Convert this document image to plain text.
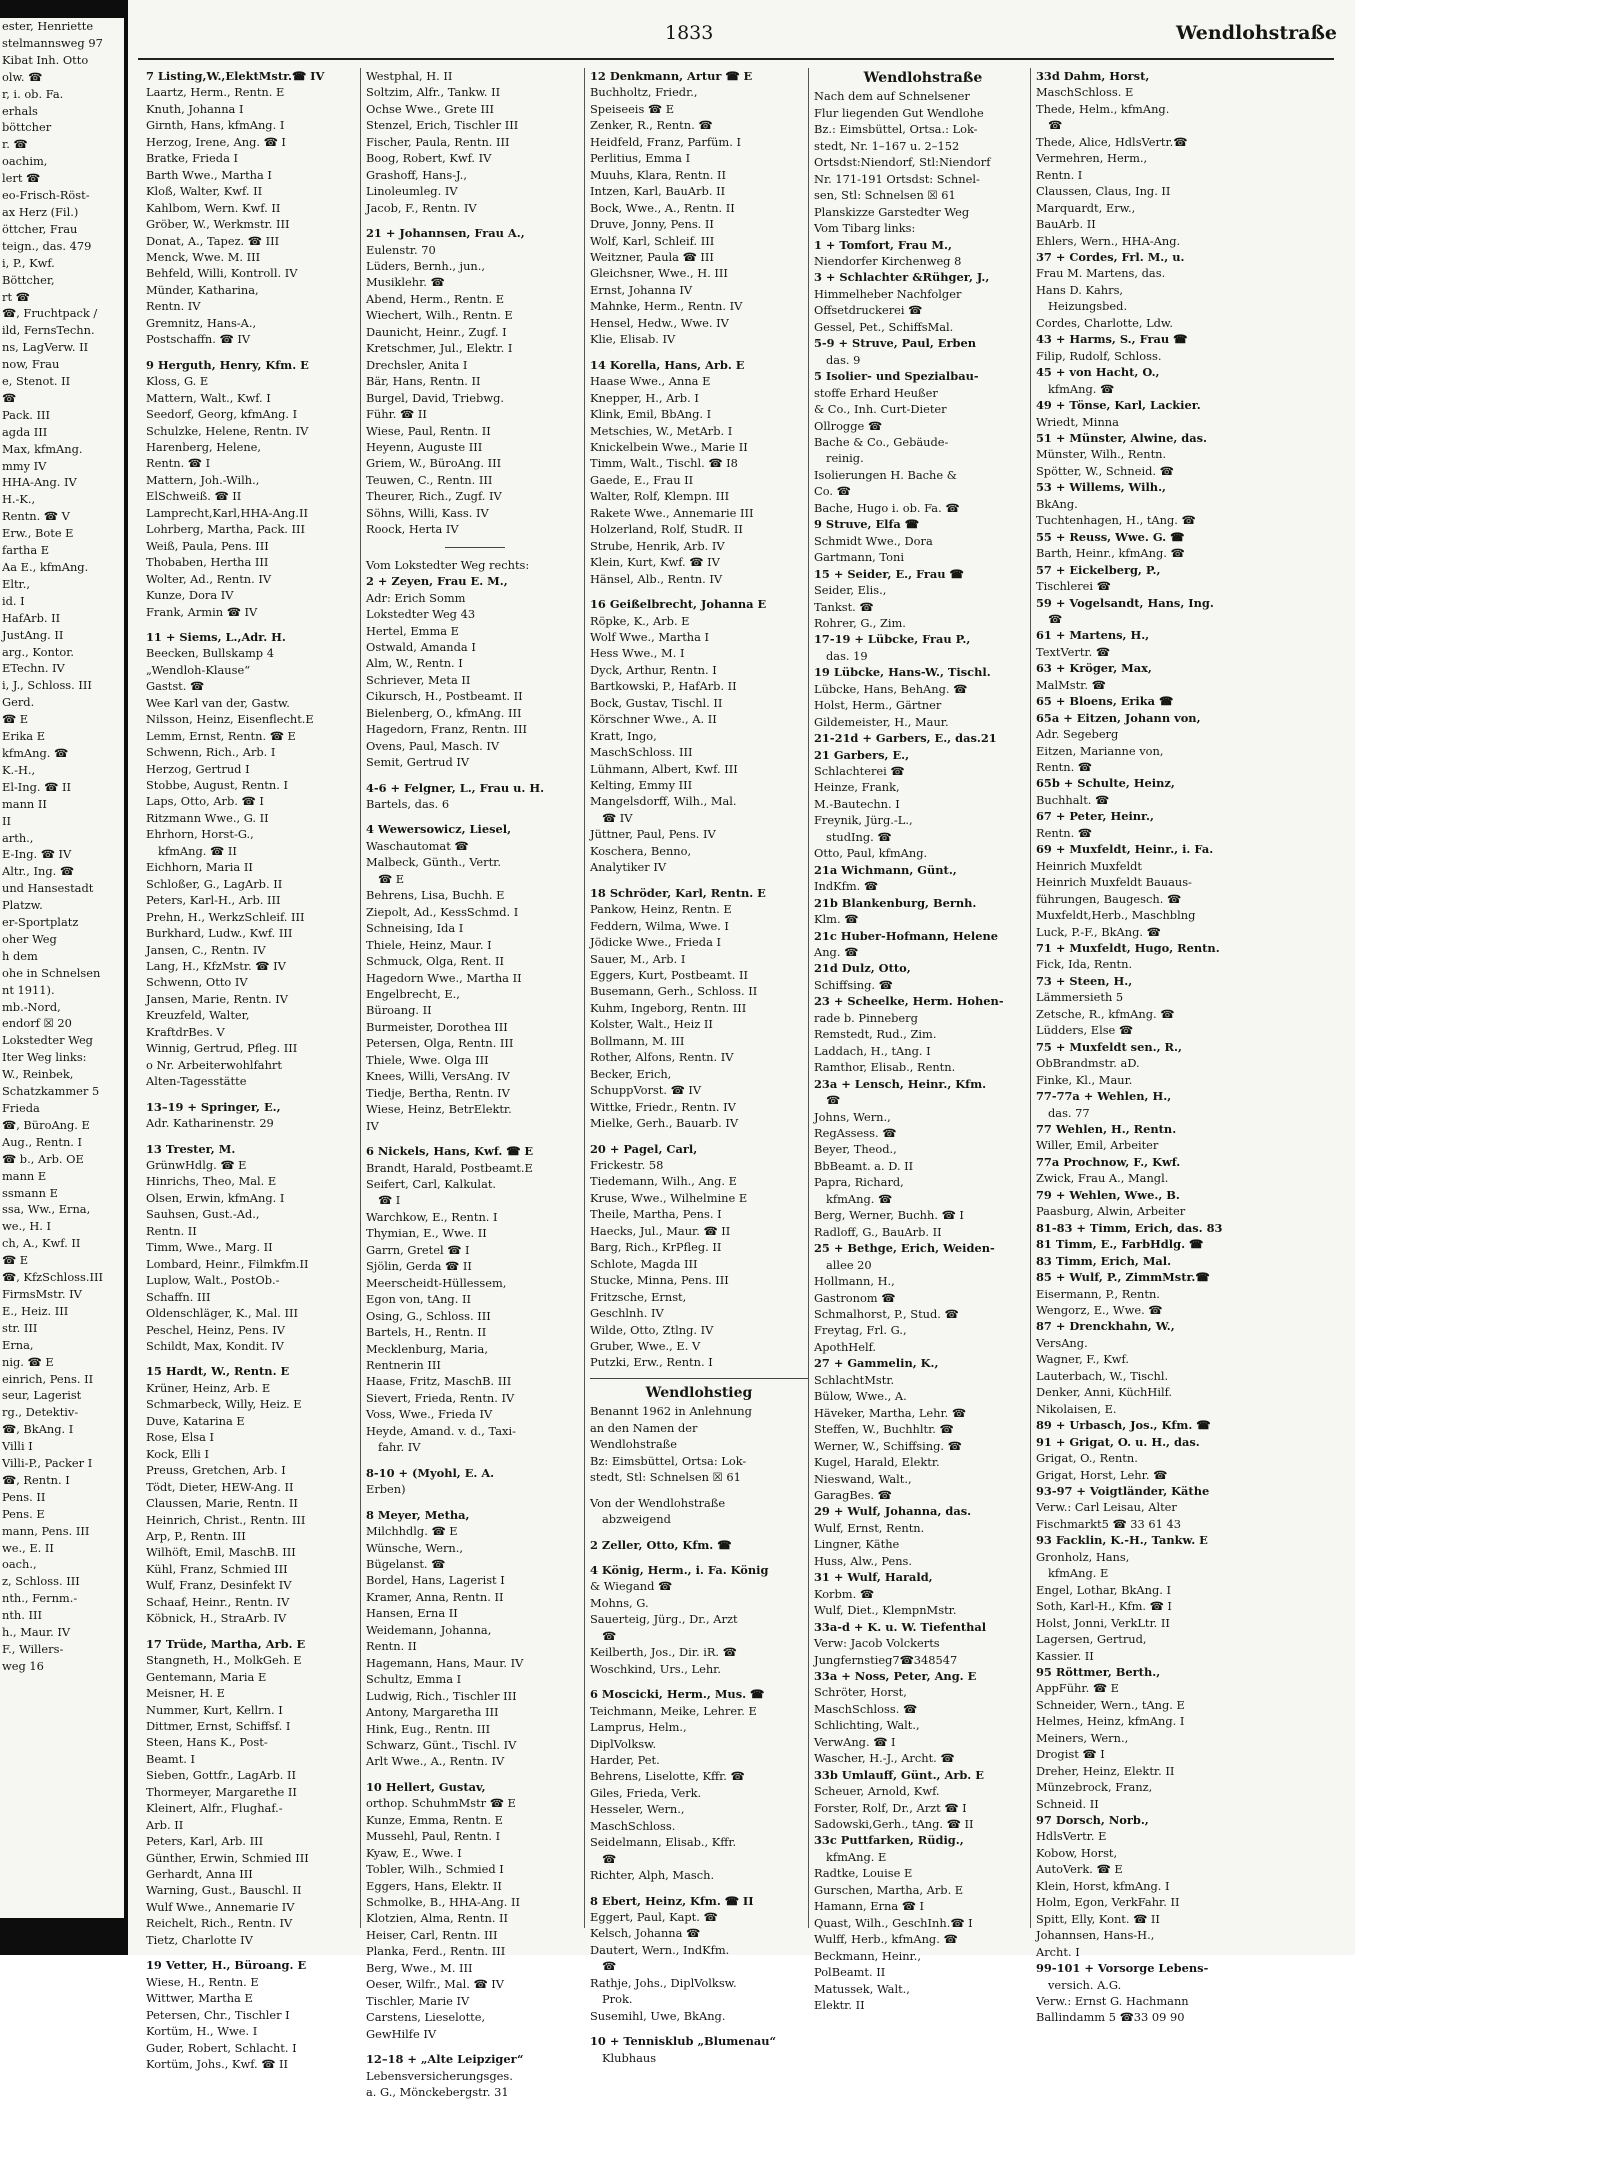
ester, Henriette
stelmannsweg 97
Kibat Inh. Otto
olw. ☎
r, i. ob. Fa.
erhals
böttcher
r. ☎
oachim,
lert ☎
eo-Frisch-Röst-
ax Herz (Fil.)
öttcher, Frau
teign., das. 479
i, P., Kwf.
Böttcher,
rt ☎
☎, Fruchtpack /
ild, FernsTechn.
ns, LagVerw. II
now, Frau
e, Stenot. II
☎
Pack. III
agda III
Max, kfmAng.
mmy IV
HHA-Ang. IV
H.-K.,
Rentn. ☎ V
Erw., Bote E
fartha E
Aa E., kfmAng.
Eltr.,
id. I
HafArb. II
JustAng. II
arg., Kontor.
ETechn. IV
i, J., Schloss. III
Gerd.
☎ E
Erika E
kfmAng. ☎
K.-H.,
El-Ing. ☎ II
mann II
II
arth.,
E-Ing. ☎ IV
Altr., Ing. ☎
und Hansestadt
Platzw.
er-Sportplatz
oher Weg
h dem
ohe in Schnelsen
nt 1911).
mb.-Nord,
endorf ☒ 20
Lokstedter Weg
Iter Weg links:
W., Reinbek,
Schatzkammer 5
Frieda
☎, BüroAng. E
Aug., Rentn. I
☎ b., Arb. OE
mann E
ssmann E
ssa, Ww., Erna,
we., H. I
ch, A., Kwf. II
☎ E
☎, KfzSchloss.III
FirmsMstr. IV
E., Heiz. III
str. III
Erna,
nig. ☎ E
einrich, Pens. II
seur, Lagerist
rg., Detektiv-
☎, BkAng. I
Villi I
Villi-P., Packer I
☎, Rentn. I
Pens. II
Pens. E
mann, Pens. III
we., E. II
oach.,
z, Schloss. III
nth., Fernm.-
nth. III
h., Maur. IV
F., Willers-
weg 16
1833	Wendlohstraße
7 Listing,W.,ElektMstr.☎ IV
Laartz, Herm., Rentn. E
Knuth, Johanna I
Girnth, Hans, kfmAng. I
Herzog, Irene, Ang. ☎ I
Bratke, Frieda I
Barth Wwe., Martha I
Kloß, Walter, Kwf. II
Kahlbom, Wern. Kwf. II
Gröber, W., Werkmstr. III
Donat, A., Tapez. ☎ III
Menck, Wwe. M. III
Behfeld, Willi, Kontroll. IV
Münder, Katharina,
Rentn. IV
Gremnitz, Hans-A.,
Postschaffn. ☎ IV
9 Herguth, Henry, Kfm. E
Kloss, G. E
Mattern, Walt., Kwf. I
Seedorf, Georg, kfmAng. I
Schulzke, Helene, Rentn. IV
Harenberg, Helene,
Rentn. ☎ I
Mattern, Joh.-Wilh.,
ElSchweiß. ☎ II
Lamprecht,Karl,HHA-Ang.II
Lohrberg, Martha, Pack. III
Weiß, Paula, Pens. III
Thobaben, Hertha III
Wolter, Ad., Rentn. IV
Kunze, Dora IV
Frank, Armin ☎ IV
11 + Siems, L.,Adr. H.
Beecken, Bullskamp 4
„Wendloh-Klause“
Gastst. ☎
Wee Karl van der, Gastw.
Nilsson, Heinz, Eisenflecht.E
Lemm, Ernst, Rentn. ☎ E
Schwenn, Rich., Arb. I
Herzog, Gertrud I
Stobbe, August, Rentn. I
Laps, Otto, Arb. ☎ I
Ritzmann Wwe., G. II
Ehrhorn, Horst-G.,
kfmAng. ☎ II
Eichhorn, Maria II
Schloßer, G., LagArb. II
Peters, Karl-H., Arb. III
Prehn, H., WerkzSchleif. III
Burkhard, Ludw., Kwf. III
Jansen, C., Rentn. IV
Lang, H., KfzMstr. ☎ IV
Schwenn, Otto IV
Jansen, Marie, Rentn. IV
Kreuzfeld, Walter,
KraftdrBes. V
Winnig, Gertrud, Pfleg. III
o Nr. Arbeiterwohlfahrt
Alten-Tagesstätte
13–19 + Springer, E.,
Adr. Katharinenstr. 29
13 Trester, M.
GrünwHdlg. ☎ E
Hinrichs, Theo, Mal. E
Olsen, Erwin, kfmAng. I
Sauhsen, Gust.-Ad.,
Rentn. II
Timm, Wwe., Marg. II
Lombard, Heinr., Filmkfm.II
Luplow, Walt., PostOb.-
Schaffn. III
Oldenschläger, K., Mal. III
Peschel, Heinz, Pens. IV
Schildt, Max, Kondit. IV
15 Hardt, W., Rentn. E
Krüner, Heinz, Arb. E
Schmarbeck, Willy, Heiz. E
Duve, Katarina E
Rose, Elsa I
Kock, Elli I
Preuss, Gretchen, Arb. I
Tödt, Dieter, HEW-Ang. II
Claussen, Marie, Rentn. II
Heinrich, Christ., Rentn. III
Arp, P., Rentn. III
Wilhöft, Emil, MaschB. III
Kühl, Franz, Schmied III
Wulf, Franz, Desinfekt IV
Schaaf, Heinr., Rentn. IV
Köbnick, H., StraArb. IV
17 Trüde, Martha, Arb. E
Stangneth, H., MolkGeh. E
Gentemann, Maria E
Meisner, H. E
Nummer, Kurt, Kellrn. I
Dittmer, Ernst, Schiffsf. I
Steen, Hans K., Post-
Beamt. I
Sieben, Gottfr., LagArb. II
Thormeyer, Margarethe II
Kleinert, Alfr., Flughaf.-
Arb. II
Peters, Karl, Arb. III
Günther, Erwin, Schmied III
Gerhardt, Anna III
Warning, Gust., Bauschl. II
Wulf Wwe., Annemarie IV
Reichelt, Rich., Rentn. IV
Tietz, Charlotte IV
19 Vetter, H., Büroang. E
Wiese, H., Rentn. E
Wittwer, Martha E
Petersen, Chr., Tischler I
Kortüm, H., Wwe. I
Guder, Robert, Schlacht. I
Kortüm, Johs., Kwf. ☎ II
Westphal, H. II
Soltzim, Alfr., Tankw. II
Ochse Wwe., Grete III
Stenzel, Erich, Tischler III
Fischer, Paula, Rentn. III
Boog, Robert, Kwf. IV
Grashoff, Hans-J.,
Linoleumleg. IV
Jacob, F., Rentn. IV
21 + Johannsen, Frau A.,
Eulenstr. 70
Lüders, Bernh., jun.,
Musiklehr. ☎
Abend, Herm., Rentn. E
Wiechert, Wilh., Rentn. E
Daunicht, Heinr., Zugf. I
Kretschmer, Jul., Elektr. I
Drechsler, Anita I
Bär, Hans, Rentn. II
Burgel, David, Triebwg.
Führ. ☎ II
Wiese, Paul, Rentn. II
Heyenn, Auguste III
Griem, W., BüroAng. III
Teuwen, C., Rentn. III
Theurer, Rich., Zugf. IV
Söhns, Willi, Kass. IV
Roock, Herta IV
Vom Lokstedter Weg rechts:
2 + Zeyen, Frau E. M.,
Adr: Erich Somm
Lokstedter Weg 43
Hertel, Emma E
Ostwald, Amanda I
Alm, W., Rentn. I
Schriever, Meta II
Cikursch, H., Postbeamt. II
Bielenberg, O., kfmAng. III
Hagedorn, Franz, Rentn. III
Ovens, Paul, Masch. IV
Semit, Gertrud IV
4-6 + Felgner, L., Frau u. H.
Bartels, das. 6
4 Wewersowicz, Liesel,
Waschautomat ☎
Malbeck, Günth., Vertr.
☎ E
Behrens, Lisa, Buchh. E
Ziepolt, Ad., KessSchmd. I
Schneising, Ida I
Thiele, Heinz, Maur. I
Schmuck, Olga, Rent. II
Hagedorn Wwe., Martha II
Engelbrecht, E.,
Büroang. II
Burmeister, Dorothea III
Petersen, Olga, Rentn. III
Thiele, Wwe. Olga III
Knees, Willi, VersAng. IV
Tiedje, Bertha, Rentn. IV
Wiese, Heinz, BetrElektr.
IV
6 Nickels, Hans, Kwf. ☎ E
Brandt, Harald, Postbeamt.E
Seifert, Carl, Kalkulat.
☎ I
Warchkow, E., Rentn. I
Thymian, E., Wwe. II
Garrn, Gretel ☎ I
Sjölin, Gerda ☎ II
Meerscheidt-Hüllessem,
Egon von, tAng. II
Osing, G., Schloss. III
Bartels, H., Rentn. II
Mecklenburg, Maria,
Rentnerin III
Haase, Fritz, MaschB. III
Sievert, Frieda, Rentn. IV
Voss, Wwe., Frieda IV
Heyde, Amand. v. d., Taxi-
fahr. IV
8-10 + (Myohl, E. A.
Erben)
8 Meyer, Metha,
Milchhdlg. ☎ E
Wünsche, Wern.,
Bügelanst. ☎
Bordel, Hans, Lagerist I
Kramer, Anna, Rentn. II
Hansen, Erna II
Weidemann, Johanna,
Rentn. II
Hagemann, Hans, Maur. IV
Schultz, Emma I
Ludwig, Rich., Tischler III
Antony, Margaretha III
Hink, Eug., Rentn. III
Schwarz, Günt., Tischl. IV
Arlt Wwe., A., Rentn. IV
10 Hellert, Gustav,
orthop. SchuhmMstr ☎ E
Kunze, Emma, Rentn. E
Mussehl, Paul, Rentn. I
Kyaw, E., Wwe. I
Tobler, Wilh., Schmied I
Eggers, Hans, Elektr. II
Schmolke, B., HHA-Ang. II
Klotzien, Alma, Rentn. II
Heiser, Carl, Rentn. III
Planka, Ferd., Rentn. III
Berg, Wwe., M. III
Oeser, Wilfr., Mal. ☎ IV
Tischler, Marie IV
Carstens, Lieselotte,
GewHilfe IV
12–18 + „Alte Leipziger“
Lebensversicherungsges.
a. G., Mönckebergstr. 31
12 Denkmann, Artur ☎ E
Buchholtz, Friedr.,
Speiseeis ☎ E
Zenker, R., Rentn. ☎
Heidfeld, Franz, Parfüm. I
Perlitius, Emma I
Muuhs, Klara, Rentn. II
Intzen, Karl, BauArb. II
Bock, Wwe., A., Rentn. II
Druve, Jonny, Pens. II
Wolf, Karl, Schleif. III
Weitzner, Paula ☎ III
Gleichsner, Wwe., H. III
Ernst, Johanna IV
Mahnke, Herm., Rentn. IV
Hensel, Hedw., Wwe. IV
Klie, Elisab. IV
14 Korella, Hans, Arb. E
Haase Wwe., Anna E
Knepper, H., Arb. I
Klink, Emil, BbAng. I
Metschies, W., MetArb. I
Knickelbein Wwe., Marie II
Timm, Walt., Tischl. ☎ I8
Gaede, E., Frau II
Walter, Rolf, Klempn. III
Rakete Wwe., Annemarie III
Holzerland, Rolf, StudR. II
Strube, Henrik, Arb. IV
Klein, Kurt, Kwf. ☎ IV
Hänsel, Alb., Rentn. IV
16 Geißelbrecht, Johanna E
Röpke, K., Arb. E
Wolf Wwe., Martha I
Hess Wwe., M. I
Dyck, Arthur, Rentn. I
Bartkowski, P., HafArb. II
Bock, Gustav, Tischl. II
Körschner Wwe., A. II
Kratt, Ingo,
MaschSchloss. III
Lühmann, Albert, Kwf. III
Kelting, Emmy III
Mangelsdorff, Wilh., Mal.
☎ IV
Jüttner, Paul, Pens. IV
Koschera, Benno,
Analytiker IV
18 Schröder, Karl, Rentn. E
Pankow, Heinz, Rentn. E
Feddern, Wilma, Wwe. I
Jödicke Wwe., Frieda I
Sauer, M., Arb. I
Eggers, Kurt, Postbeamt. II
Busemann, Gerh., Schloss. II
Kuhm, Ingeborg, Rentn. III
Kolster, Walt., Heiz II
Bollmann, M. III
Rother, Alfons, Rentn. IV
Becker, Erich,
SchuppVorst. ☎ IV
Wittke, Friedr., Rentn. IV
Mielke, Gerh., Bauarb. IV
20 + Pagel, Carl,
Frickestr. 58
Tiedemann, Wilh., Ang. E
Kruse, Wwe., Wilhelmine E
Theile, Martha, Pens. I
Haecks, Jul., Maur. ☎ II
Barg, Rich., KrPfleg. II
Schlote, Magda III
Stucke, Minna, Pens. III
Fritzsche, Ernst,
Geschlnh. IV
Wilde, Otto, Ztlng. IV
Gruber, Wwe., E. V
Putzki, Erw., Rentn. I
Wendlohstieg
Benannt 1962 in Anlehnung
an den Namen der
Wendlohstraße
Bz: Eimsbüttel, Ortsa: Lok-
stedt, Stl: Schnelsen ☒ 61
Von der Wendlohstraße
abzweigend
2 Zeller, Otto, Kfm. ☎
4 König, Herm., i. Fa. König
& Wiegand ☎
Mohns, G.
Sauerteig, Jürg., Dr., Arzt
☎
Keilberth, Jos., Dir. iR. ☎
Woschkind, Urs., Lehr.
6 Moscicki, Herm., Mus. ☎
Teichmann, Meike, Lehrer. E
Lamprus, Helm.,
DiplVolksw.
Harder, Pet.
Behrens, Liselotte, Kffr. ☎
Giles, Frieda, Verk.
Hesseler, Wern.,
MaschSchloss.
Seidelmann, Elisab., Kffr.
☎
Richter, Alph, Masch.
8 Ebert, Heinz, Kfm. ☎ II
Eggert, Paul, Kapt. ☎
Kelsch, Johanna ☎
Dautert, Wern., IndKfm.
☎
Rathje, Johs., DiplVolksw.
Prok.
Susemihl, Uwe, BkAng.
10 + Tennisklub „Blumenau“
Klubhaus
Wendlohstraße
Nach dem auf Schnelsener
Flur liegenden Gut Wendlohe
Bz.: Eimsbüttel, Ortsa.: Lok-
stedt, Nr. 1–167 u. 2–152
Ortsdst:Niendorf, Stl:Niendorf
Nr. 171-191 Ortsdst: Schnel-
sen, Stl: Schnelsen ☒ 61
Planskizze Garstedter Weg
Vom Tibarg links:
1 + Tomfort, Frau M.,
Niendorfer Kirchenweg 8
3 + Schlachter &Rühger, J.,
Himmelheber Nachfolger
Offsetdruckerei ☎
Gessel, Pet., SchiffsMal.
5-9 + Struve, Paul, Erben
das. 9
5 Isolier- und Spezialbau-
stoffe Erhard Heußer
& Co., Inh. Curt-Dieter
Ollrogge ☎
Bache & Co., Gebäude-
reinig.
Isolierungen H. Bache &
Co. ☎
Bache, Hugo i. ob. Fa. ☎
9 Struve, Elfa ☎
Schmidt Wwe., Dora
Gartmann, Toni
15 + Seider, E., Frau ☎
Seider, Elis.,
Tankst. ☎
Rohrer, G., Zim.
17-19 + Lübcke, Frau P.,
das. 19
19 Lübcke, Hans-W., Tischl.
Lübcke, Hans, BehAng. ☎
Holst, Herm., Gärtner
Gildemeister, H., Maur.
21-21d + Garbers, E., das.21
21 Garbers, E.,
Schlachterei ☎
Heinze, Frank,
M.-Bautechn. I
Freynik, Jürg.-L.,
studIng. ☎
Otto, Paul, kfmAng.
21a Wichmann, Günt.,
IndKfm. ☎
21b Blankenburg, Bernh.
Klm. ☎
21c Huber-Hofmann, Helene
Ang. ☎
21d Dulz, Otto,
Schiffsing. ☎
23 + Scheelke, Herm. Hohen-
rade b. Pinneberg
Remstedt, Rud., Zim.
Laddach, H., tAng. I
Ramthor, Elisab., Rentn.
23a + Lensch, Heinr., Kfm.
☎
Johns, Wern.,
RegAssess. ☎
Beyer, Theod.,
BbBeamt. a. D. II
Papra, Richard,
kfmAng. ☎
Berg, Werner, Buchh. ☎ I
Radloff, G., BauArb. II
25 + Bethge, Erich, Weiden-
allee 20
Hollmann, H.,
Gastronom ☎
Schmalhorst, P., Stud. ☎
Freytag, Frl. G.,
ApothHelf.
27 + Gammelin, K.,
SchlachtMstr.
Bülow, Wwe., A.
Häveker, Martha, Lehr. ☎
Steffen, W., Buchhltr. ☎
Werner, W., Schiffsing. ☎
Kugel, Harald, Elektr.
Nieswand, Walt.,
GaragBes. ☎
29 + Wulf, Johanna, das.
Wulf, Ernst, Rentn.
Lingner, Käthe
Huss, Alw., Pens.
31 + Wulf, Harald,
Korbm. ☎
Wulf, Diet., KlempnMstr.
33a-d + K. u. W. Tiefenthal
Verw: Jacob Volckerts
Jungfernstieg7☎348547
33a + Noss, Peter, Ang. E
Schröter, Horst,
MaschSchloss. ☎
Schlichting, Walt.,
VerwAng. ☎ I
Wascher, H.-J., Archt. ☎
33b Umlauff, Günt., Arb. E
Scheuer, Arnold, Kwf.
Forster, Rolf, Dr., Arzt ☎ I
Sadowski,Gerh., tAng. ☎ II
33c Puttfarken, Rüdig.,
kfmAng. E
Radtke, Louise E
Gurschen, Martha, Arb. E
Hamann, Erna ☎ I
Quast, Wilh., GeschInh.☎ I
Wulff, Herb., kfmAng. ☎
Beckmann, Heinr.,
PolBeamt. II
Matussek, Walt.,
Elektr. II
33d Dahm, Horst,
MaschSchloss. E
Thede, Helm., kfmAng.
☎
Thede, Alice, HdlsVertr.☎
Vermehren, Herm.,
Rentn. I
Claussen, Claus, Ing. II
Marquardt, Erw.,
BauArb. II
Ehlers, Wern., HHA-Ang.
37 + Cordes, Frl. M., u.
Frau M. Martens, das.
Hans D. Kahrs,
Heizungsbed.
Cordes, Charlotte, Ldw.
43 + Harms, S., Frau ☎
Filip, Rudolf, Schloss.
45 + von Hacht, O.,
kfmAng. ☎
49 + Tönse, Karl, Lackier.
Wriedt, Minna
51 + Münster, Alwine, das.
Münster, Wilh., Rentn.
Spötter, W., Schneid. ☎
53 + Willems, Wilh.,
BkAng.
Tuchtenhagen, H., tAng. ☎
55 + Reuss, Wwe. G. ☎
Barth, Heinr., kfmAng. ☎
57 + Eickelberg, P.,
Tischlerei ☎
59 + Vogelsandt, Hans, Ing.
☎
61 + Martens, H.,
TextVertr. ☎
63 + Kröger, Max,
MalMstr. ☎
65 + Bloens, Erika ☎
65a + Eitzen, Johann von,
Adr. Segeberg
Eitzen, Marianne von,
Rentn. ☎
65b + Schulte, Heinz,
Buchhalt. ☎
67 + Peter, Heinr.,
Rentn. ☎
69 + Muxfeldt, Heinr., i. Fa.
Heinrich Muxfeldt
Heinrich Muxfeldt Bauaus-
führungen, Baugesch. ☎
Muxfeldt,Herb., Maschblng
Luck, P.-F., BkAng. ☎
71 + Muxfeldt, Hugo, Rentn.
Fick, Ida, Rentn.
73 + Steen, H.,
Lämmersieth 5
Zetsche, R., kfmAng. ☎
Lüdders, Else ☎
75 + Muxfeldt sen., R.,
ObBrandmstr. aD.
Finke, Kl., Maur.
77-77a + Wehlen, H.,
das. 77
77 Wehlen, H., Rentn.
Willer, Emil, Arbeiter
77a Prochnow, F., Kwf.
Zwick, Frau A., Mangl.
79 + Wehlen, Wwe., B.
Paasburg, Alwin, Arbeiter
81-83 + Timm, Erich, das. 83
81 Timm, E., FarbHdlg. ☎
83 Timm, Erich, Mal.
85 + Wulf, P., ZimmMstr.☎
Eisermann, P., Rentn.
Wengorz, E., Wwe. ☎
87 + Drenckhahn, W.,
VersAng.
Wagner, F., Kwf.
Lauterbach, W., Tischl.
Denker, Anni, KüchHilf.
Nikolaisen, E.
89 + Urbasch, Jos., Kfm. ☎
91 + Grigat, O. u. H., das.
Grigat, O., Rentn.
Grigat, Horst, Lehr. ☎
93-97 + Voigtländer, Käthe
Verw.: Carl Leisau, Alter
Fischmarkt5 ☎ 33 61 43
93 Facklin, K.-H., Tankw. E
Gronholz, Hans,
kfmAng. E
Engel, Lothar, BkAng. I
Soth, Karl-H., Kfm. ☎ I
Holst, Jonni, VerkLtr. II
Lagersen, Gertrud,
Kassier. II
95 Röttmer, Berth.,
AppFühr. ☎ E
Schneider, Wern., tAng. E
Helmes, Heinz, kfmAng. I
Meiners, Wern.,
Drogist ☎ I
Dreher, Heinz, Elektr. II
Münzebrock, Franz,
Schneid. II
97 Dorsch, Norb.,
HdlsVertr. E
Kobow, Horst,
AutoVerk. ☎ E
Klein, Horst, kfmAng. I
Holm, Egon, VerkFahr. II
Spitt, Elly, Kont. ☎ II
Johannsen, Hans-H.,
Archt. I
99-101 + Vorsorge Lebens-
versich. A.G.
Verw.: Ernst G. Hachmann
Ballindamm 5 ☎33 09 90
